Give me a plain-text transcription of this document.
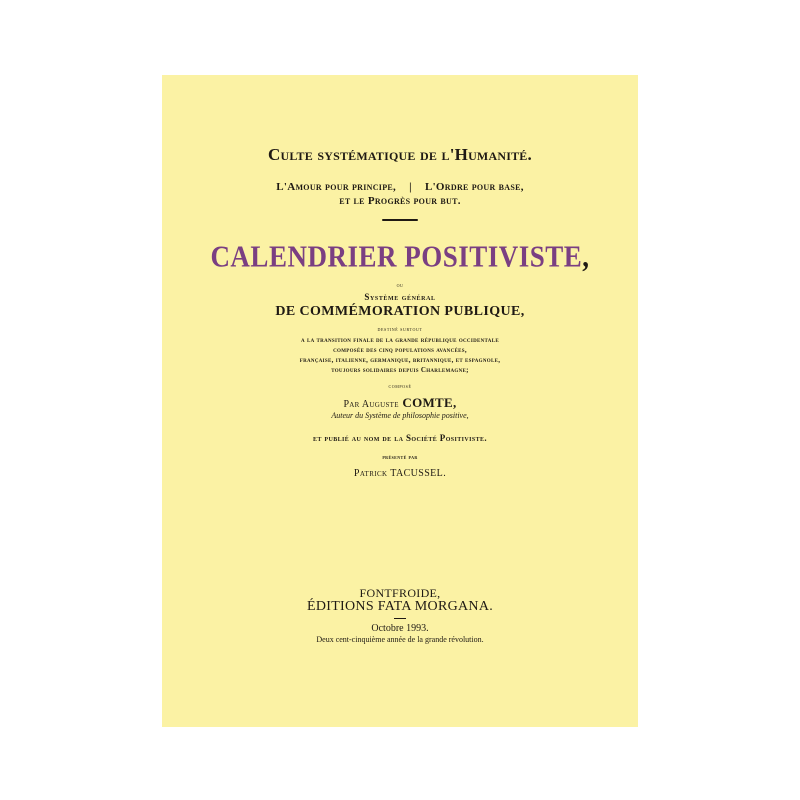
Culte systématique de l'Humanité.
L'Amour pour principe, | L'Ordre pour base,
et le Progrès pour but.
CALENDRIER POSITIVISTE,
ou
Système général
DE COMMÉMORATION PUBLIQUE,
destiné surtout
a la transition finale de la grande république occidentale
composée des cinq populations avancées,
française, italienne, germanique, britannique, et espagnole,
toujours solidaires depuis Charlemagne;
composé
Par Auguste COMTE,
Auteur du Système de philosophie positive,
et publié au nom de la Société Positiviste.
présenté par
Patrick TACUSSEL.
FONTFROIDE,
ÉDITIONS FATA MORGANA.
Octobre 1993.
Deux cent-cinquième année de la grande révolution.
